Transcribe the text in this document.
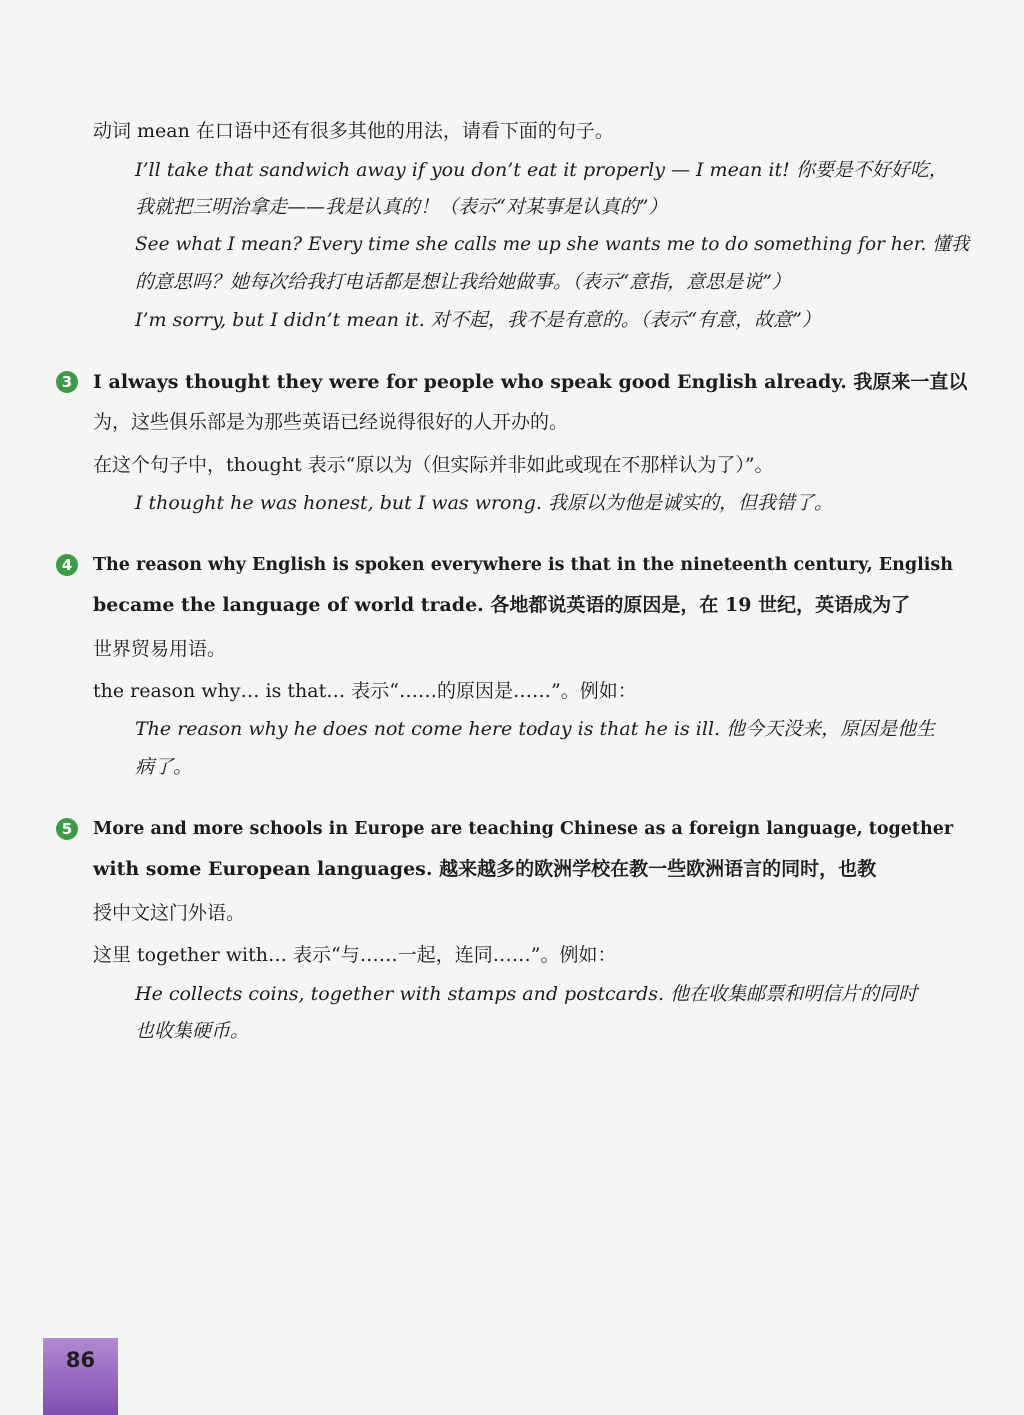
动词 mean 在口语中还有很多其他的用法，请看下面的句子。
I’ll take that sandwich away if you don’t eat it properly — I mean it! 你要是不好好吃，
我就把三明治拿走——我是认真的！（表示“对某事是认真的”）
See what I mean? Every time she calls me up she wants me to do something for her. 懂我
的意思吗？她每次给我打电话都是想让我给她做事。（表示“意指，意思是说”）
I’m sorry, but I didn’t mean it. 对不起，我不是有意的。（表示“有意，故意”）
3	I always thought they were for people who speak good English already. 我原来一直以
为，这些俱乐部是为那些英语已经说得很好的人开办的。
在这个句子中，thought 表示“原以为（但实际并非如此或现在不那样认为了）”。
I thought he was honest, but I was wrong. 我原以为他是诚实的，但我错了。
4	The reason why English is spoken everywhere is that in the nineteenth century, English
became the language of world trade. 各地都说英语的原因是，在 19 世纪，英语成为了
世界贸易用语。
the reason why… is that… 表示“……的原因是……”。例如：
The reason why he does not come here today is that he is ill. 他今天没来，原因是他生
病了。
5	More and more schools in Europe are teaching Chinese as a foreign language, together
with some European languages. 越来越多的欧洲学校在教一些欧洲语言的同时，也教
授中文这门外语。
这里 together with… 表示“与……一起，连同……”。例如：
He collects coins, together with stamps and postcards. 他在收集邮票和明信片的同时
也收集硬币。
86
